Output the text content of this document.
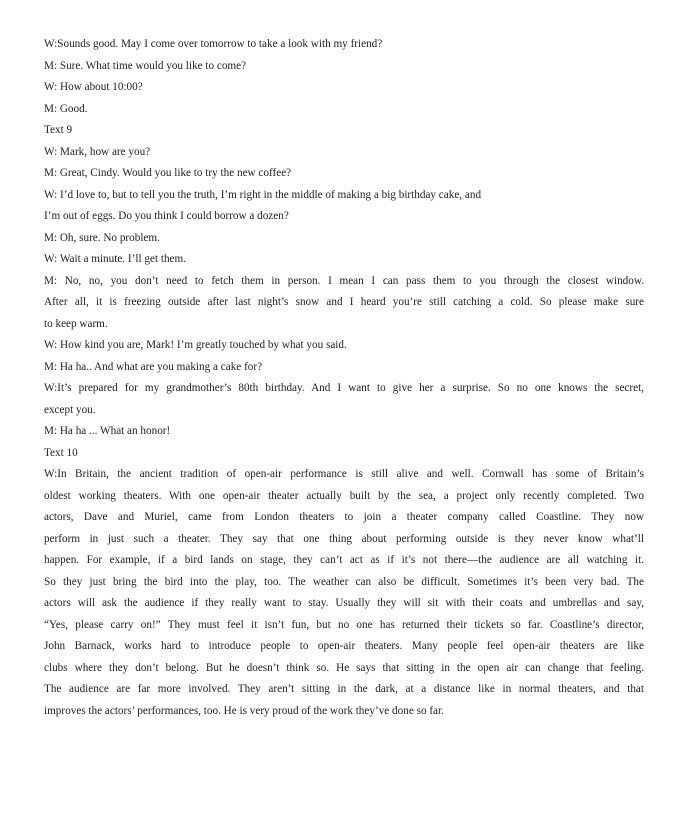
W:Sounds good. May I come over tomorrow to take a look with my friend?
M: Sure. What time would you like to come?
W: How about 10:00?
M: Good.
Text 9
W: Mark, how are you?
M: Great, Cindy. Would you like to try the new coffee?
W: I’d love to, but to tell you the truth, I’m right in the middle of making a big birthday cake, and
I’m out of eggs. Do you think I could borrow a dozen?
M: Oh, sure. No problem.
W: Wait a minute. I’ll get them.
M: No, no, you don’t need to fetch them in person. I mean I can pass them to you through the closest window.
After all, it is freezing outside after last night’s snow and I heard you’re still catching a cold. So please make sure
to keep warm.
W: How kind you are, Mark! I’m greatly touched by what you said.
M: Ha ha.. And what are you making a cake for?
W:It’s prepared for my grandmother’s 80th birthday. And I want to give her a surprise. So no one knows the secret,
except you.
M: Ha ha ... What an honor!
Text 10
W:In Britain, the ancient tradition of open-air performance is still alive and well. Cornwall has some of Britain’s
oldest working theaters. With one open-air theater actually built by the sea, a project only recently completed. Two
actors, Dave and Muriel, came from London theaters to join a theater company called Coastline. They now
perform in just such a theater. They say that one thing about performing outside is they never know what’ll
happen. For example, if a bird lands on stage, they can’t act as if it’s not there—the audience are all watching it.
So they just bring the bird into the play, too. The weather can also be difficult. Sometimes it’s been very bad. The
actors will ask the audience if they really want to stay. Usually they will sit with their coats and umbrellas and say,
“Yes, please carry on!” They must feel it isn’t fun, but no one has returned their tickets so far. Coastline’s director,
John Barnack, works hard to introduce people to open-air theaters. Many people feel open-air theaters are like
clubs where they don’t belong. But he doesn’t think so. He says that sitting in the open air can change that feeling.
The audience are far more involved. They aren’t sitting in the dark, at a distance like in normal theaters, and that
improves the actors’ performances, too. He is very proud of the work they’ve done so far.
